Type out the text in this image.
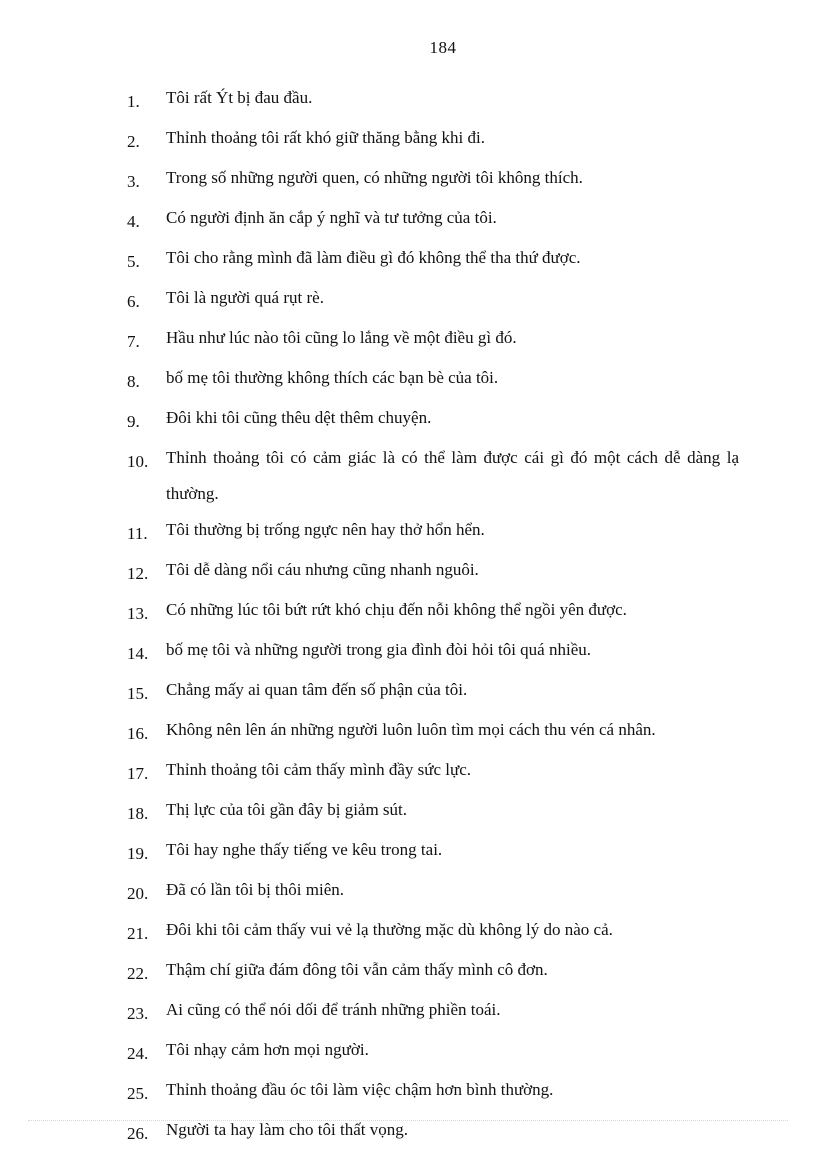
184
1.	Tôi rất Ýt bị đau đầu.
2.	Thỉnh thoảng tôi rất khó giữ thăng bằng khi đi.
3.	Trong số những người quen, có những người tôi không thích.
4.	Có người định ăn cắp ý nghĩ và tư tưởng của tôi.
5.	Tôi cho rằng mình đã làm điều gì đó không thể tha thứ được.
6.	Tôi là người quá rụt rè.
7.	Hầu như lúc nào tôi cũng lo lắng về một điều gì đó.
8.	bố mẹ tôi thường không thích các bạn bè của tôi.
9.	Đôi khi tôi cũng thêu dệt thêm chuyện.
10.	Thỉnh thoảng tôi có cảm giác là có thể làm được cái gì đó một cách dễ dàng lạ thường.
11.	Tôi thường bị trống ngực nên hay thở hổn hển.
12.	Tôi dễ dàng nổi cáu nhưng cũng nhanh nguôi.
13.	Có những lúc tôi bứt rứt khó chịu đến nỗi không thể ngồi yên được.
14.	bố mẹ tôi và những người trong gia đình đòi hỏi tôi quá nhiều.
15.	Chẳng mấy ai quan tâm đến số phận của tôi.
16.	Không nên lên án những người luôn luôn tìm mọi cách thu vén cá nhân.
17.	Thỉnh thoảng tôi cảm thấy mình đầy sức lực.
18.	Thị lực của tôi gần đây bị giảm sút.
19.	Tôi hay nghe thấy tiếng ve kêu trong tai.
20.	Đã có lần tôi bị thôi miên.
21.	Đôi khi tôi cảm thấy vui vẻ lạ thường mặc dù không lý do nào cả.
22.	Thậm chí giữa đám đông tôi vẫn cảm thấy mình cô đơn.
23.	Ai cũng có thể nói dối để tránh những phiền toái.
24.	Tôi nhạy cảm hơn mọi người.
25.	Thỉnh thoảng đầu óc tôi làm việc chậm hơn bình thường.
26.	Người ta hay làm cho tôi thất vọng.
